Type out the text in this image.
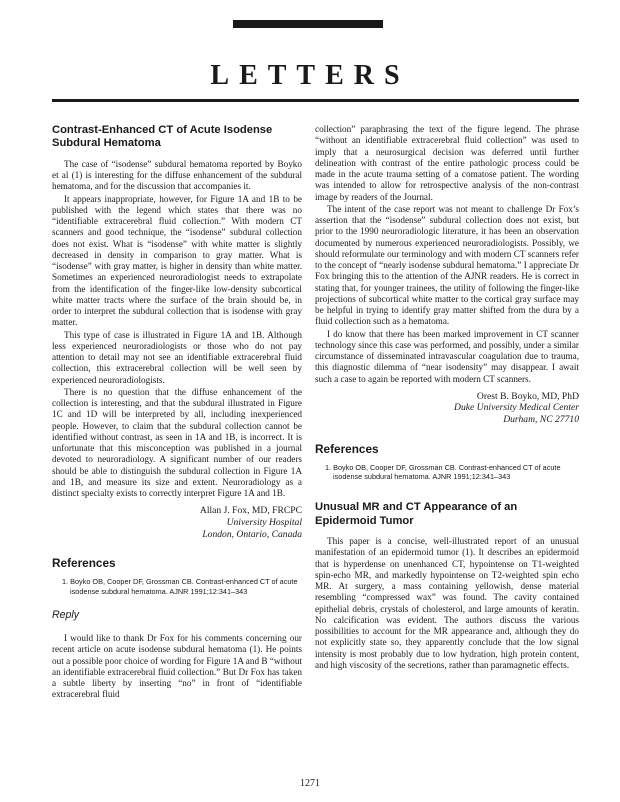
LETTERS
Contrast-Enhanced CT of Acute Isodense Subdural Hematoma

The case of “isodense” subdural hematoma reported by Boyko et al (1) is interesting for the diffuse enhancement of the subdural hematoma, and for the discussion that accompanies it.

It appears inappropriate, however, for Figure 1A and 1B to be published with the legend which states that there was no “identifiable extracerebral fluid collection.” With modern CT scanners and good technique, the “isodense” subdural collection does not exist. What is “isodense” with white matter is slightly decreased in density in comparison to gray matter. What is “isodense” with gray matter, is higher in density than white matter. Sometimes an experienced neuroradiologist needs to extrapolate from the identification of the finger-like low-density subcortical white matter tracts where the surface of the brain should be, in order to interpret the subdural collection that is isodense with gray matter.

This type of case is illustrated in Figure 1A and 1B. Although less experienced neuroradiologists or those who do not pay attention to detail may not see an identifiable extracerebral fluid collection, this extracerebral collection will be well seen by experienced neuroradiologists.

There is no question that the diffuse enhancement of the collection is interesting, and that the subdural illustrated in Figure 1C and 1D will be interpreted by all, including inexperienced people. However, to claim that the subdural collection cannot be identified without contrast, as seen in 1A and 1B, is incorrect. It is unfortunate that this misconception was published in a journal devoted to neuroradiology. A significant number of our readers should be able to distinguish the subdural collection in Figure 1A and 1B, and measure its size and extent. Neuroradiology as a distinct specialty exists to correctly interpret Figure 1A and 1B.

Allan J. Fox, MD, FRCPC
University Hospital
London, Ontario, Canada
References

1. Boyko OB, Cooper DF, Grossman CB. Contrast-enhanced CT of acute isodense subdural hematoma. AJNR 1991;12:341–343

Reply

I would like to thank Dr Fox for his comments concerning our recent article on acute isodense subdural hematoma (1). He points out a possible poor choice of wording for Figure 1A and B “without an identifiable extracerebral fluid collection.” But Dr Fox has taken a subtle liberty by inserting “no” in front of “identifiable extracerebral fluid

collection” paraphrasing the text of the figure legend. The phrase “without an identifiable extracerebral fluid collection” was used to imply that a neurosurgical decision was deferred until further delineation with contrast of the entire pathologic process could be made in the acute trauma setting of a comatose patient. The wording was intended to allow for retrospective analysis of the non-contrast image by readers of the Journal.

The intent of the case report was not meant to challenge Dr Fox’s assertion that the “isodense” subdural collection does not exist, but prior to the 1990 neuroradiologic literature, it has been an observation documented by numerous experienced neuroradiologists. Possibly, we should reformulate our terminology and with modern CT scanners refer to the concept of “nearly isodense subdural hematoma.” I appreciate Dr Fox bringing this to the attention of the AJNR readers. He is correct in stating that, for younger trainees, the utility of following the finger-like projections of subcortical white matter to the cortical gray surface may be helpful in trying to identify gray matter shifted from the dura by a fluid collection such as a hematoma.

I do know that there has been marked improvement in CT scanner technology since this case was performed, and possibly, under a similar circumstance of disseminated intravascular coagulation due to trauma, this diagnostic dilemma of “near isodensity” may disappear. I await such a case to again be reported with modern CT scanners.

Orest B. Boyko, MD, PhD
Duke University Medical Center
Durham, NC 27710
References

1. Boyko OB, Cooper DF, Grossman CB. Contrast-enhanced CT of acute isodense subdural hematoma. AJNR 1991;12:341–343

Unusual MR and CT Appearance of an Epidermoid Tumor

This paper is a concise, well-illustrated report of an unusual manifestation of an epidermoid tumor (1). It describes an epidermoid that is hyperdense on unenhanced CT, hypointense on T1-weighted spin-echo MR, and markedly hypointense on T2-weighted spin echo MR. At surgery, a mass containing yellowish, dense material resembling “compressed wax” was found. The cavity contained epithelial debris, crystals of cholesterol, and large amounts of keratin. No calcification was evident. The authors discuss the various possibilities to account for the MR appearance and, although they do not explicitly state so, they apparently conclude that the low signal intensity is most probably due to low hydration, high protein content, and high viscosity of the secretions, rather than paramagnetic effects.

1271
